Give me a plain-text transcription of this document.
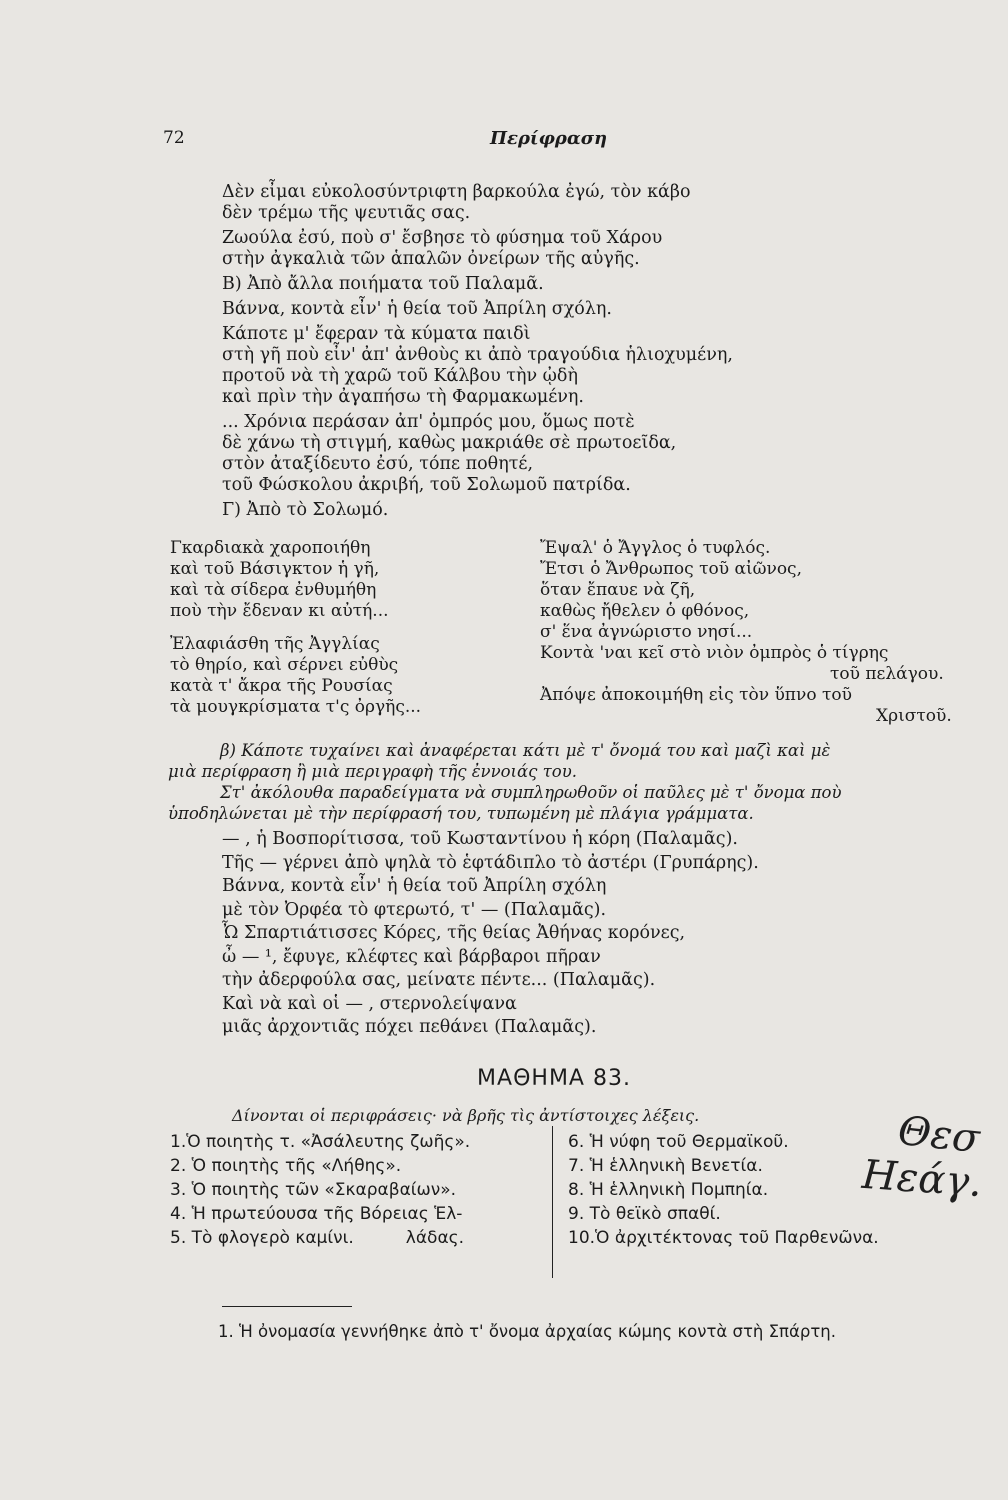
72	Περίφραση
Δὲν εἶμαι εὐκολοσύντριφτη βαρκούλα ἐγώ, τὸν κάβο
δὲν τρέμω τῆς ψευτιᾶς σας.
Ζωούλα ἐσύ, ποὺ σ' ἔσβησε τὸ φύσημα τοῦ Χάρου
στὴν ἀγκαλιὰ τῶν ἁπαλῶν ὀνείρων τῆς αὐγῆς.
Β) Ἀπὸ ἄλλα ποιήματα τοῦ Παλαμᾶ.
Βάννα, κοντὰ εἶν' ἡ θεία τοῦ Ἀπρίλη σχόλη.
Κάποτε μ' ἔφεραν τὰ κύματα παιδὶ
στὴ γῆ ποὺ εἶν' ἀπ' ἀνθοὺς κι ἀπὸ τραγούδια ἡλιοχυμένη,
προτοῦ νὰ τὴ χαρῶ τοῦ Κάλβου τὴν ᾠδὴ
καὶ πρὶν τὴν ἀγαπήσω τὴ Φαρμακωμένη.
... Χρόνια περάσαν ἀπ' ὀμπρός μου, ὅμως ποτὲ
δὲ χάνω τὴ στιγμή, καθὼς μακριάθε σὲ πρωτοεῖδα,
στὸν ἀταξίδευτο ἐσύ, τόπε ποθητέ,
τοῦ Φώσκολου ἀκριβή, τοῦ Σολωμοῦ πατρίδα.
Γ) Ἀπὸ τὸ Σολωμό.
Γκαρδιακὰ χαροποιήθη
καὶ τοῦ Βάσιγκτον ἡ γῆ,
καὶ τὰ σίδερα ἐνθυμήθη
ποὺ τὴν ἔδεναν κι αὐτή...
Ἐλαφιάσθη τῆς Ἀγγλίας
τὸ θηρίο, καὶ σέρνει εὐθὺς
κατὰ τ' ἄκρα τῆς Ρουσίας
τὰ μουγκρίσματα τ'ς ὀργῆς...
Ἔψαλ' ὁ Ἄγγλος ὁ τυφλός.
Ἔτσι ὁ Ἄνθρωπος τοῦ αἰῶνος,
ὅταν ἔπαυε νὰ ζῆ,
καθὼς ἤθελεν ὁ φθόνος,
σ' ἕνα ἀγνώριστο νησί...
Κοντὰ 'ναι κεῖ στὸ νιὸν ὀμπρὸς ὁ τίγρης
τοῦ πελάγου.
Ἀπόψε ἀποκοιμήθη εἰς τὸν ὕπνο τοῦ
Χριστοῦ.
β) Κάποτε τυχαίνει καὶ ἀναφέρεται κάτι μὲ τ' ὄνομά του καὶ μαζὶ καὶ μὲ
μιὰ περίφραση ἢ μιὰ περιγραφὴ τῆς ἐννοιάς του.
Στ' ἀκόλουθα παραδείγματα νὰ συμπληρωθοῦν οἱ παῦλες μὲ τ' ὄνομα ποὺ
ὑποδηλώνεται μὲ τὴν περίφρασή του, τυπωμένη μὲ πλάγια γράμματα.
— , ἡ Βοσπορίτισσα, τοῦ Κωσταντίνου ἡ κόρη (Παλαμᾶς).
Τῆς — γέρνει ἀπὸ ψηλὰ τὸ ἑφτάδιπλο τὸ ἀστέρι (Γρυπάρης).
Βάννα, κοντὰ εἶν' ἡ θεία τοῦ Ἀπρίλη σχόλη
μὲ τὸν Ὀρφέα τὸ φτερωτό, τ' — (Παλαμᾶς).
Ὦ Σπαρτιάτισσες Κόρες, τῆς θείας Ἀθήνας κορόνες,
ὦ — ¹, ἔφυγε, κλέφτες καὶ βάρβαροι πῆραν
τὴν ἀδερφούλα σας, μείνατε πέντε... (Παλαμᾶς).
Καὶ νὰ καὶ οἱ — , στερνολείψανα
μιᾶς ἀρχοντιᾶς πόχει πεθάνει (Παλαμᾶς).
ΜΑΘΗΜΑ 83.
Δίνονται οἱ περιφράσεις· νὰ βρῆς τὶς ἀντίστοιχες λέξεις.
1.Ὁ ποιητὴς τ. «Ἀσάλευτης ζωῆς».
2. Ὁ ποιητὴς τῆς «Λήθης».
3. Ὁ ποιητὴς τῶν «Σκαραβαίων».
4. Ἡ πρωτεύουσα τῆς Βόρειας Ἑλ-
5. Τὸ φλογερὸ καμίνι.	λάδας.
6. Ἡ νύφη τοῦ Θερμαϊκοῦ.
7. Ἡ ἑλληνικὴ Βενετία.
8. Ἡ ἑλληνικὴ Πομπηία.
9. Τὸ θεϊκὸ σπαθί.
10.Ὁ ἀρχιτέκτονας τοῦ Παρθενῶνα.
Θεσ
Ηεάγ.
1. Ἡ ὀνομασία γεννήθηκε ἀπὸ τ' ὄνομα ἀρχαίας κώμης κοντὰ στὴ Σπάρτη.
